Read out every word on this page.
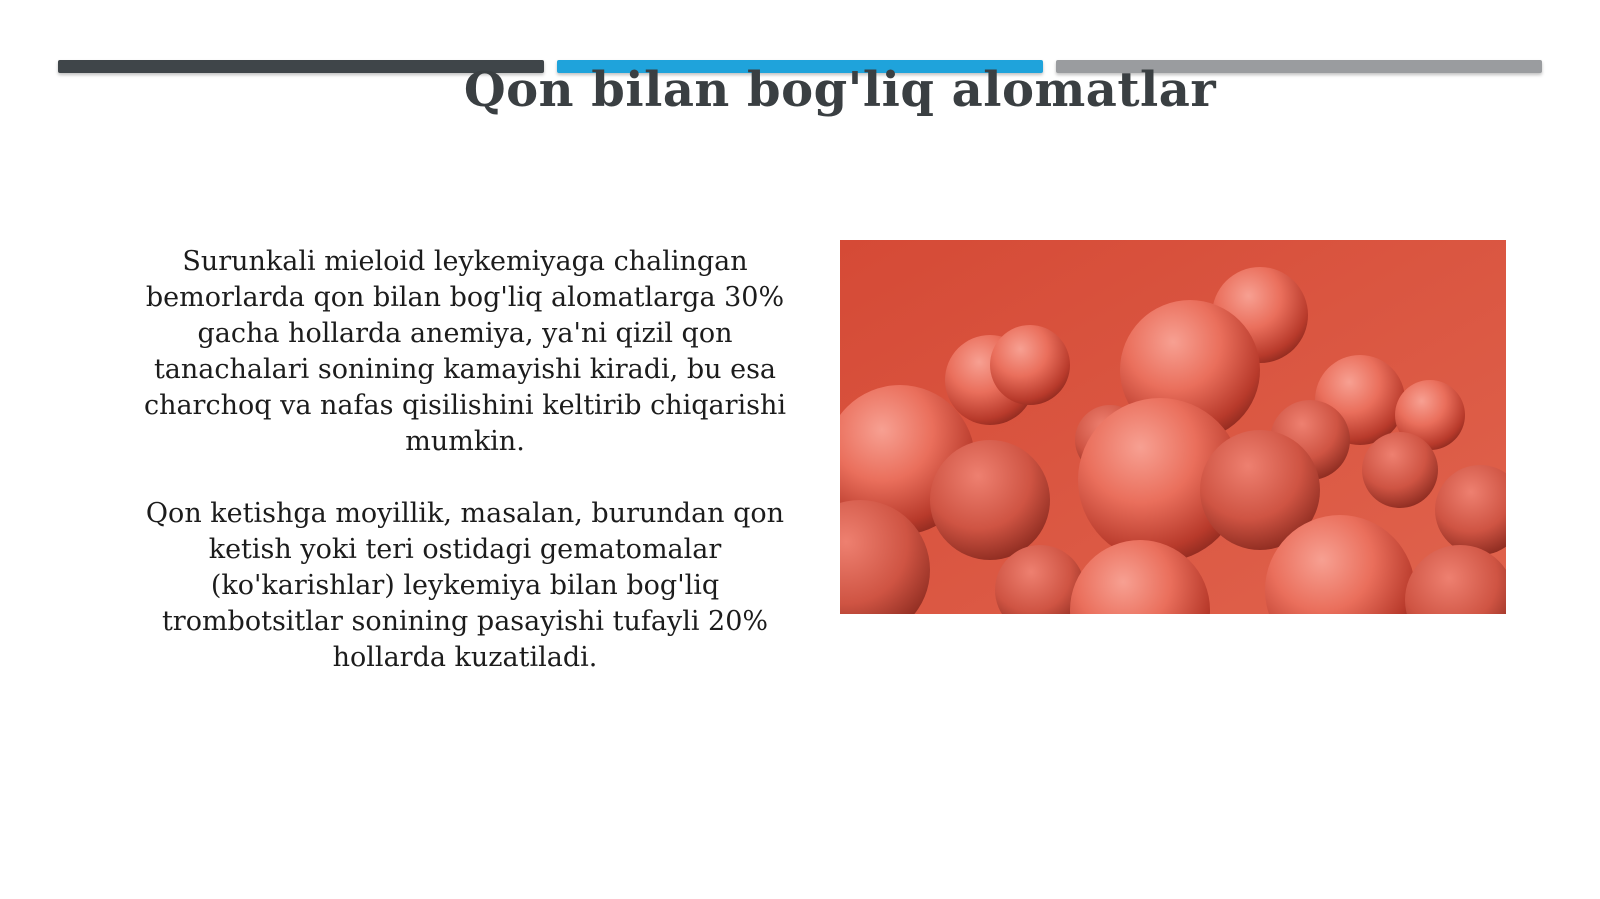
Qon bilan bog'liq alomatlar

Surunkali mieloid leykemiyaga chalingan bemorlarda qon bilan bog'liq alomatlarga 30% gacha hollarda anemiya, ya'ni qizil qon tanachalari sonining kamayishi kiradi, bu esa charchoq va nafas qisilishini keltirib chiqarishi mumkin.

Qon ketishga moyillik, masalan, burundan qon ketish yoki teri ostidagi gematomalar (ko'karishlar) leykemiya bilan bog'liq trombotsitlar sonining pasayishi tufayli 20% hollarda kuzatiladi.
